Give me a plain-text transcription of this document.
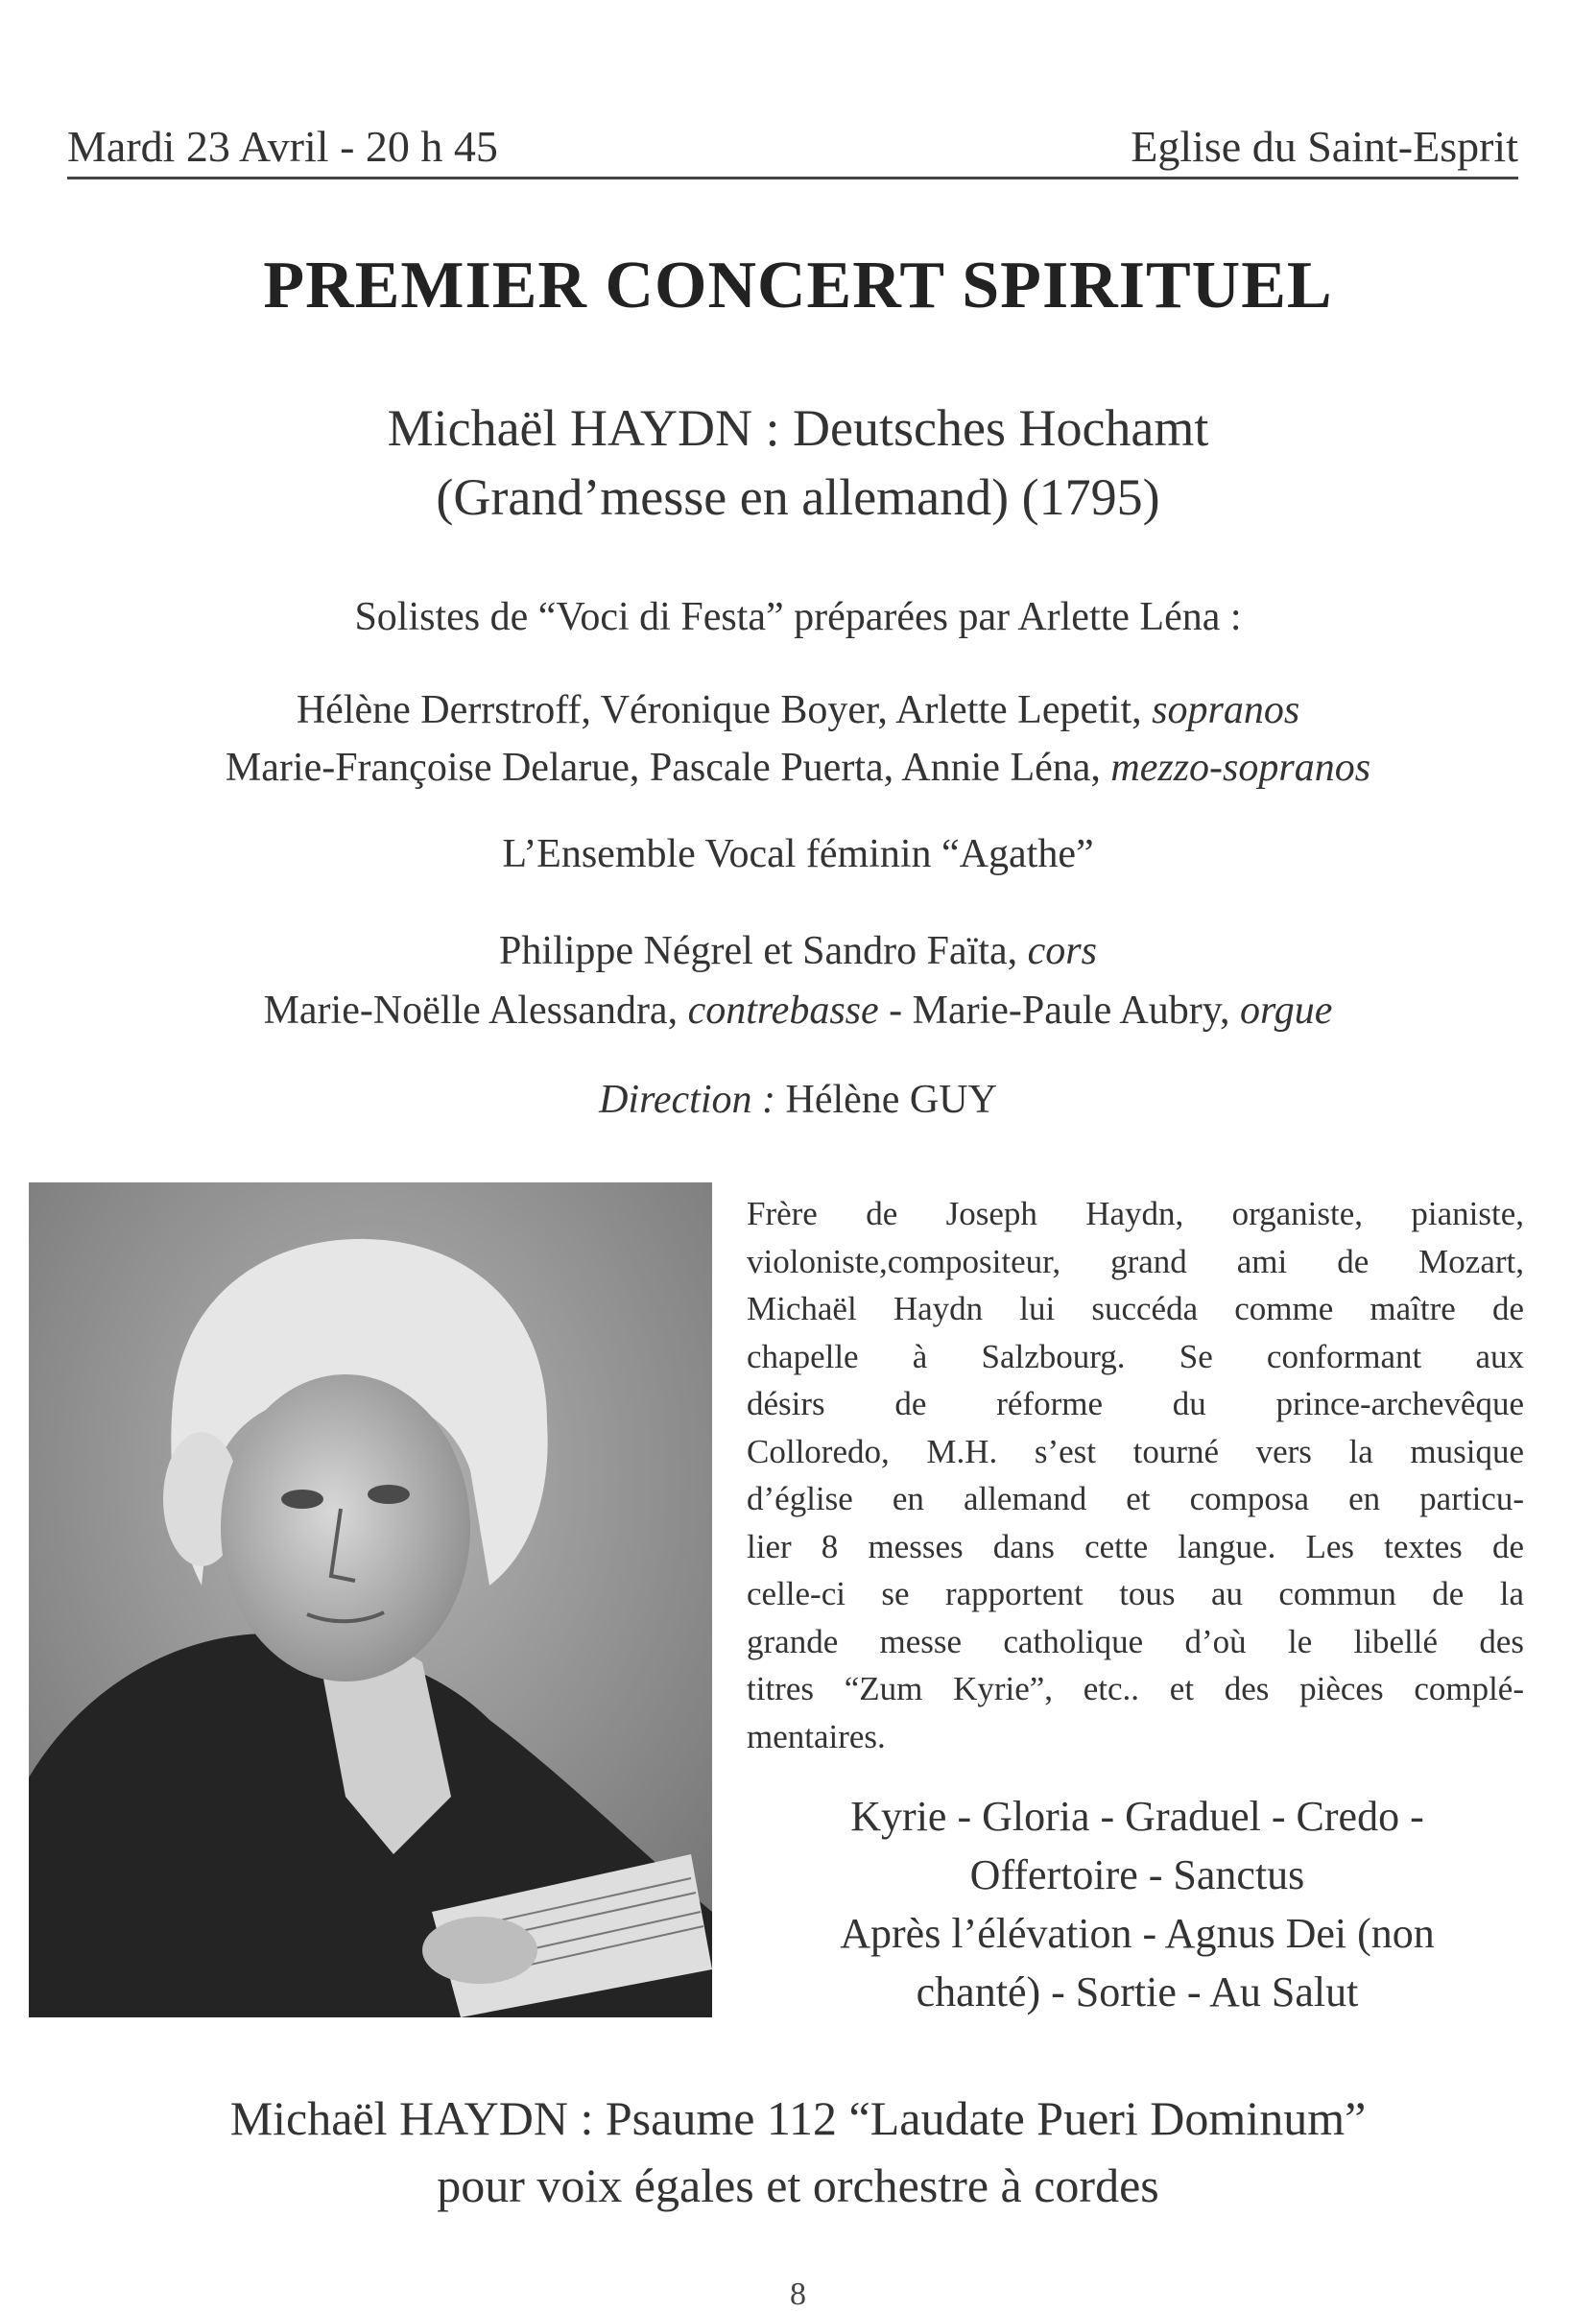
Mardi 23 Avril - 20 h 45	Eglise du Saint-Esprit
PREMIER CONCERT SPIRITUEL
Michaël HAYDN : Deutsches Hochamt
(Grand’messe en allemand) (1795)
Solistes de “Voci di Festa” préparées par Arlette Léna :
Hélène Derrstroff, Véronique Boyer, Arlette Lepetit, sopranos
Marie-Françoise Delarue, Pascale Puerta, Annie Léna, mezzo-sopranos
L’Ensemble Vocal féminin “Agathe”
Philippe Négrel et Sandro Faïta, cors
Marie-Noëlle Alessandra, contrebasse - Marie-Paule Aubry, orgue
Direction : Hélène GUY
Frère de Joseph Haydn, organiste, pianiste,
violoniste,compositeur, grand ami de Mozart,
Michaël Haydn lui succéda comme maître de
chapelle à Salzbourg. Se conformant aux
désirs de réforme du prince-archevêque
Colloredo, M.H. s’est tourné vers la musique
d’église en allemand et composa en particu-
lier 8 messes dans cette langue. Les textes de
celle-ci se rapportent tous au commun de la
grande messe catholique d’où le libellé des
titres “Zum Kyrie”, etc.. et des pièces complé-
mentaires.
Kyrie - Gloria - Graduel - Credo -
Offertoire - Sanctus
Après l’élévation - Agnus Dei (non
chanté) - Sortie - Au Salut
Michaël HAYDN : Psaume 112 “Laudate Pueri Dominum”
pour voix égales et orchestre à cordes
8
